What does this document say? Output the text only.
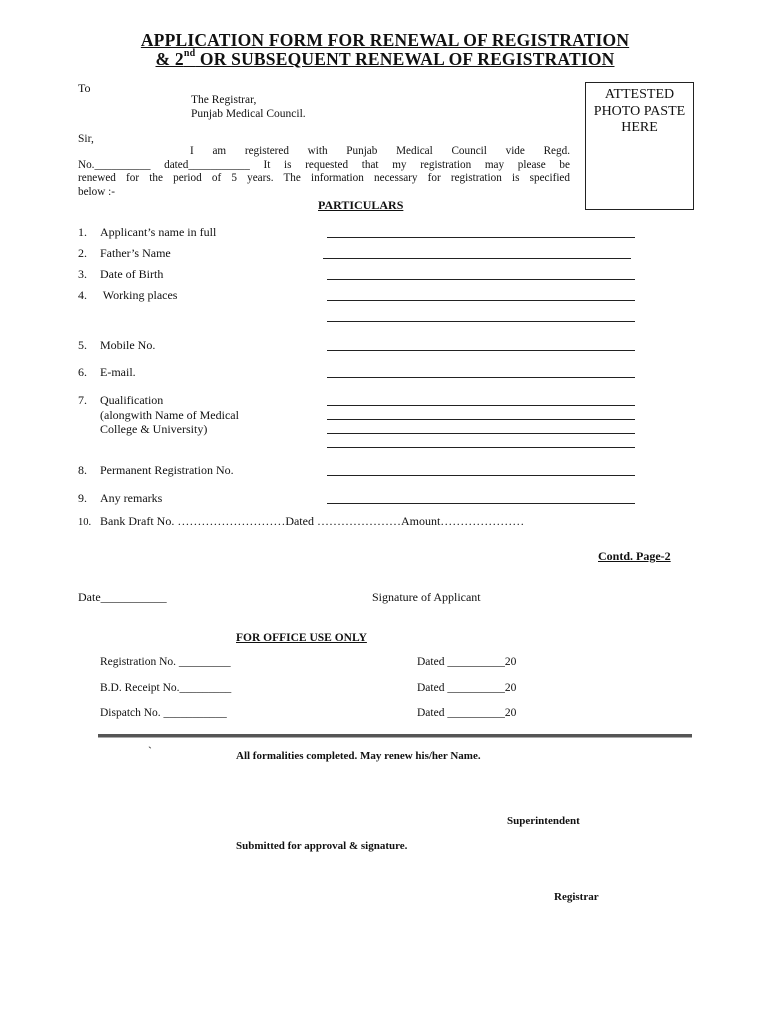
APPLICATION FORM FOR RENEWAL OF REGISTRATION
& 2nd OR SUBSEQUENT RENEWAL OF REGISTRATION
To
The Registrar,
Punjab Medical Council.
Sir,
ATTESTED
PHOTO PASTE
HERE
I am registered with Punjab Medical Council vide Regd.
No.__________ dated___________ It is requested that my registration may please be
renewed for the period of 5 years. The information necessary for registration is specified
below :-
PARTICULARS
1. Applicant’s name in full
2. Father’s Name
3. Date of Birth
4. Working places
5. Mobile No.
6. E-mail.
7. Qualification
(alongwith Name of Medical
College & University)
8. Permanent Registration No.
9. Any remarks
10. Bank Draft No. ………………………Dated …………………Amount…………………
Contd. Page-2
Date___________	Signature of Applicant
FOR OFFICE USE ONLY
Registration No. _________	Dated __________20
B.D. Receipt No._________	Dated __________20
Dispatch No. ___________	Dated __________20
`	All formalities completed. May renew his/her Name.
Superintendent
Submitted for approval & signature.
Registrar
